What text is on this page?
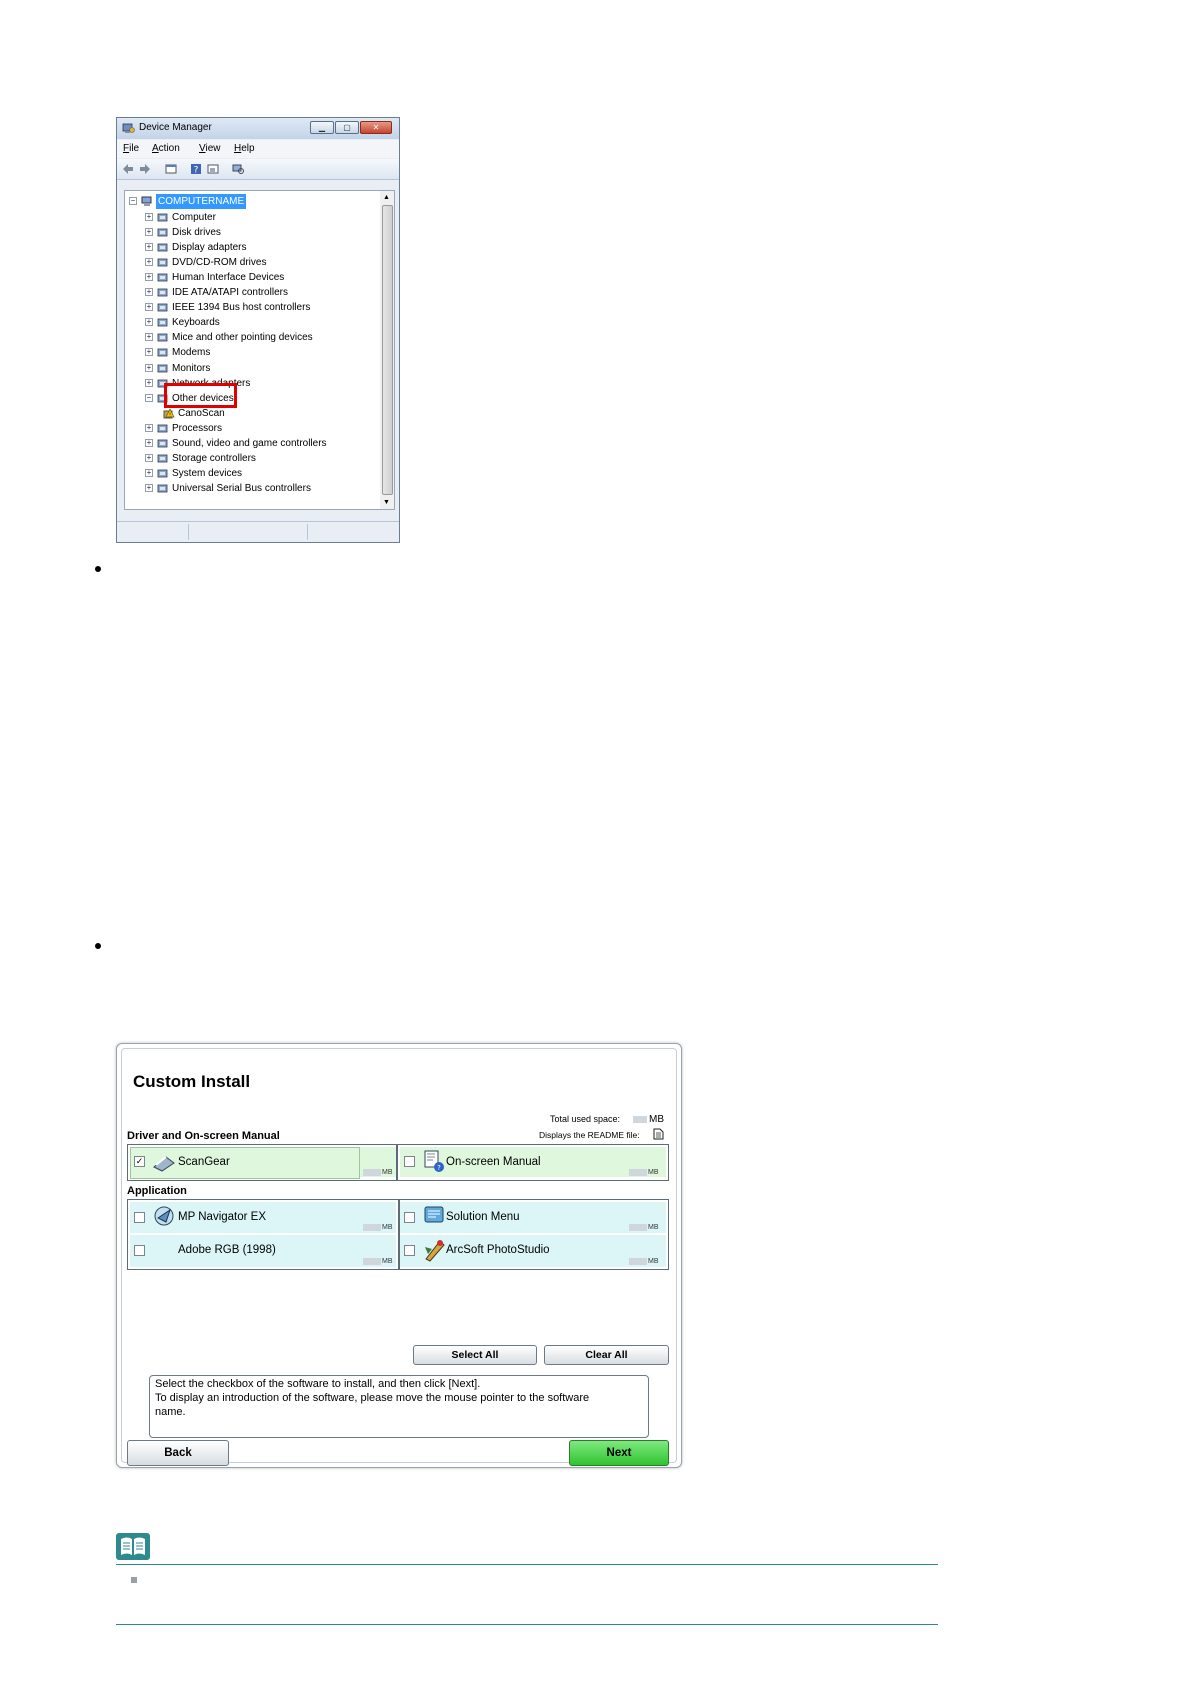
Device Manager	▁	▢	✕
File Action View Help
?
− COMPUTERNAME
+ Computer
+ Disk drives
+ Display adapters
+ DVD/CD-ROM drives
+ Human Interface Devices
+ IDE ATA/ATAPI controllers
+ IEEE 1394 Bus host controllers
+ Keyboards
+ Mice and other pointing devices
+ Modems
+ Monitors
+ Network adapters
− Other devices
! CanoScan
+ Processors
+ Sound, video and game controllers
+ Storage controllers
+ System devices
+ Universal Serial Bus controllers
▲
▼
Custom Install
Total used space:	MB
Displays the README file:
Driver and On-screen Manual
✓	ScanGear
MB
? On-screen Manual
MB
Application
MP Navigator EX
MB
Solution Menu
MB
Adobe RGB (1998)
MB
ArcSoft PhotoStudio
MB
Select All	Clear All
Select the checkbox of the software to install, and then click [Next].
To display an introduction of the software, please move the mouse pointer to the software
name.
Back	Next
